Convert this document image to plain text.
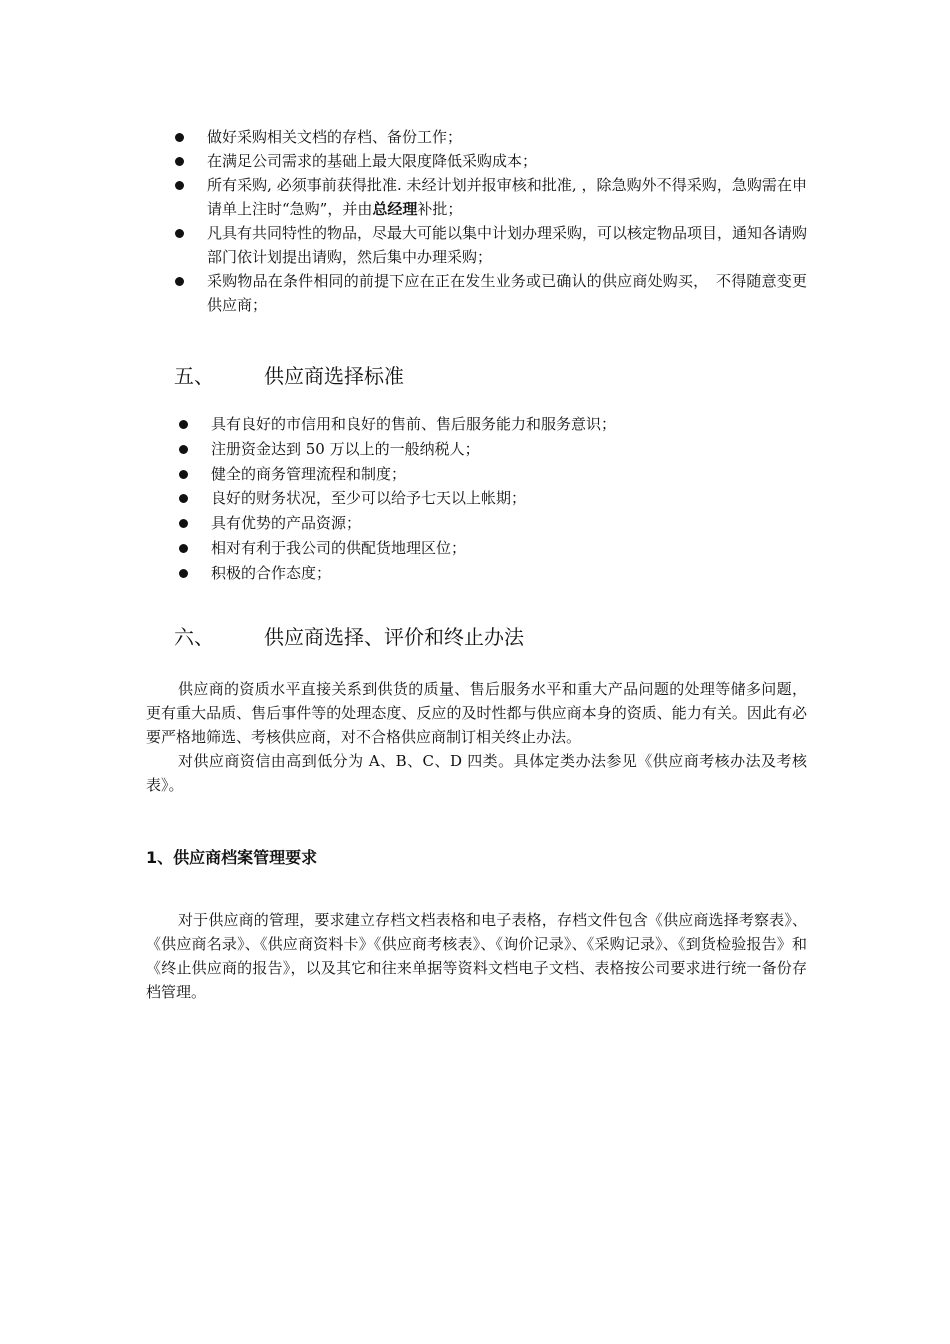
做好采购相关文档的存档、备份工作；
在满足公司需求的基础上最大限度降低采购成本；
所有采购, 必须事前获得批准. 未经计划并报审核和批准, ，除急购外不得采购，急购需在申请单上注时“急购”，并由总经理补批；
凡具有共同特性的物品，尽最大可能以集中计划办理采购，可以核定物品项目，通知各请购部门依计划提出请购，然后集中办理采购；
采购物品在条件相同的前提下应在正在发生业务或已确认的供应商处购买，　不得随意变更供应商；
五、	供应商选择标准
具有良好的市信用和良好的售前、售后服务能力和服务意识；
注册资金达到 50 万以上的一般纳税人；
健全的商务管理流程和制度；
良好的财务状况，至少可以给予七天以上帐期；
具有优势的产品资源；
相对有利于我公司的供配货地理区位；
积极的合作态度；
六、	供应商选择、评价和终止办法

供应商的资质水平直接关系到供货的质量、售后服务水平和重大产品问题的处理等储多问题，更有重大品质、售后事件等的处理态度、反应的及时性都与供应商本身的资质、能力有关。因此有必要严格地筛选、考核供应商，对不合格供应商制订相关终止办法。

对供应商资信由高到低分为 A、B、C、D 四类。具体定类办法参见《供应商考核办法及考核表》。

1、供应商档案管理要求

对于供应商的管理，要求建立存档文档表格和电子表格，存档文件包含《供应商选择考察表》、《供应商名录》、《供应商资料卡》《供应商考核表》、《询价记录》、《采购记录》、《到货检验报告》和《终止供应商的报告》，以及其它和往来单据等资料文档电子文档、表格按公司要求进行统一备份存档管理。
